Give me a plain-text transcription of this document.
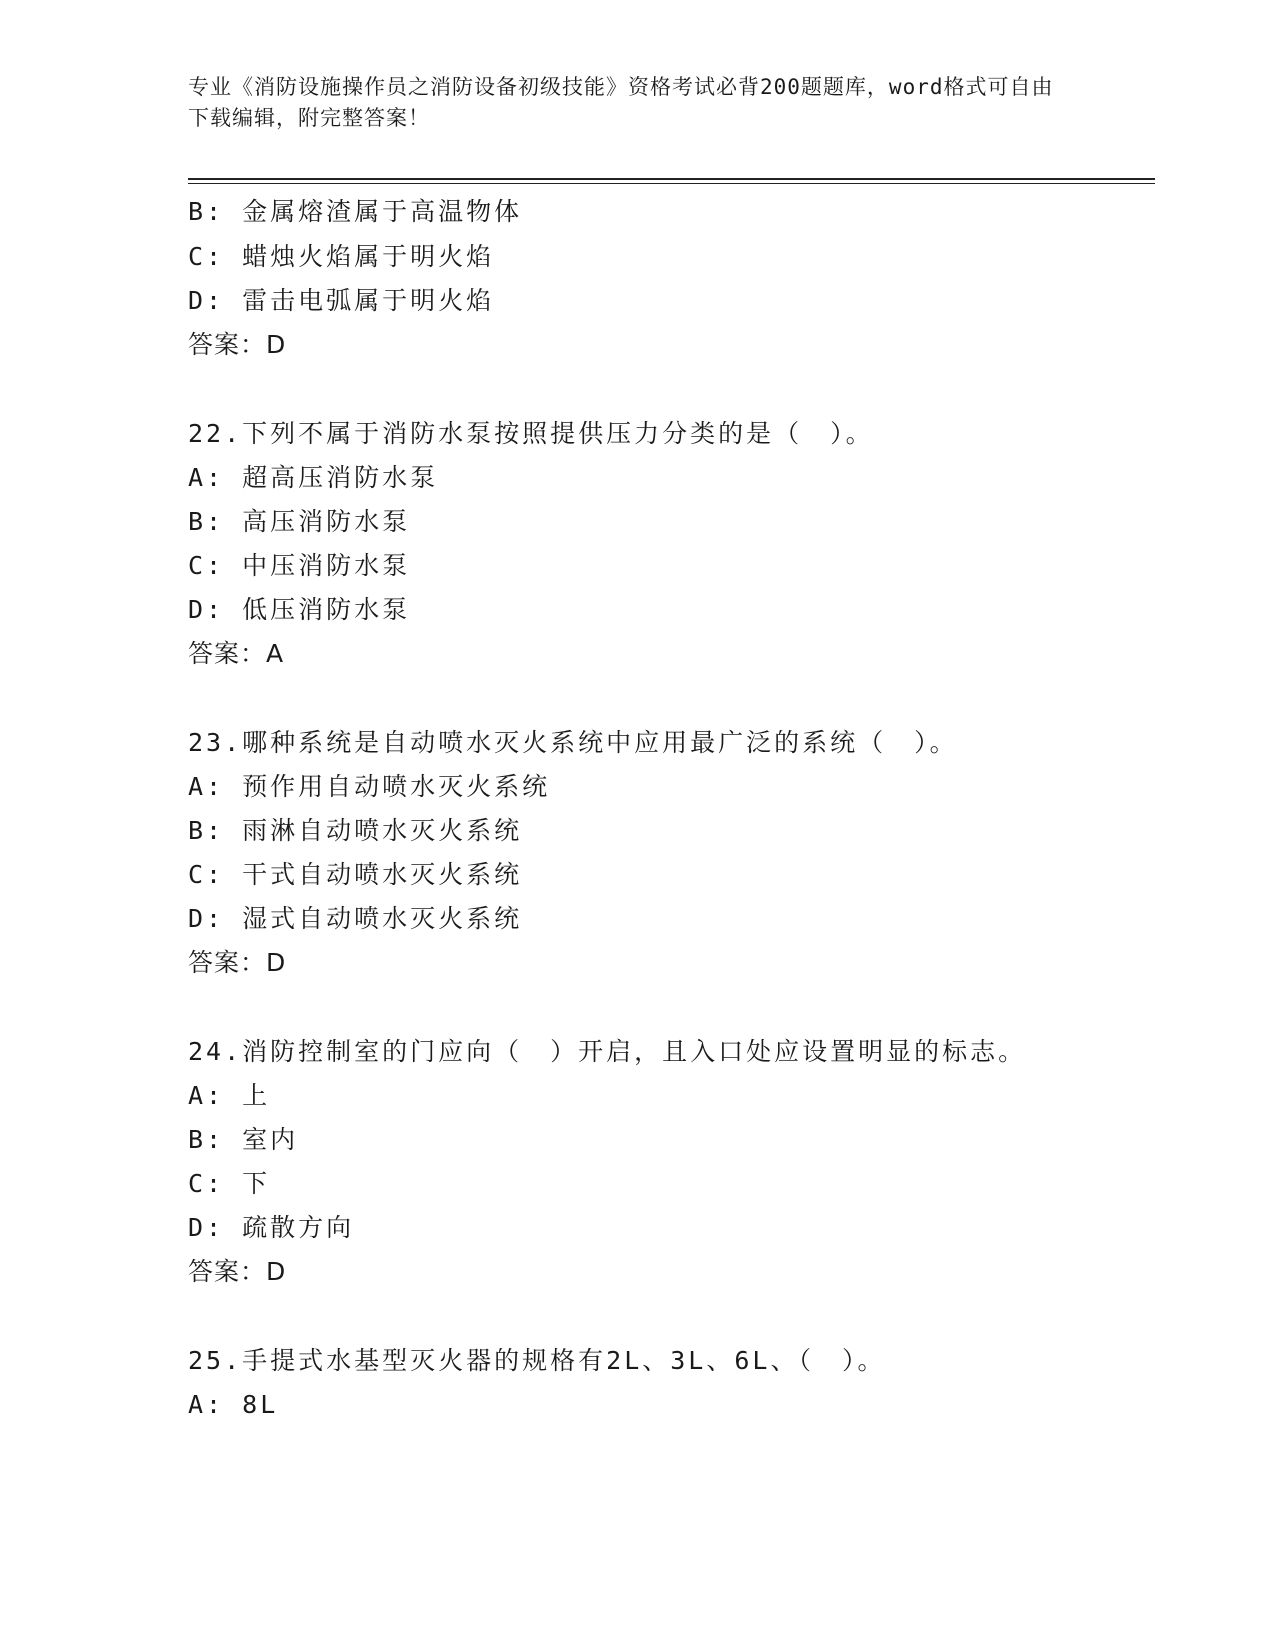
专业《消防设施操作员之消防设备初级技能》资格考试必背200题题库，word格式可自由下载编辑，附完整答案！
B: 金属熔渣属于高温物体
C: 蜡烛火焰属于明火焰
D: 雷击电弧属于明火焰
答案：D
22.下列不属于消防水泵按照提供压力分类的是（　）。
A: 超高压消防水泵
B: 高压消防水泵
C: 中压消防水泵
D: 低压消防水泵
答案：A
23.哪种系统是自动喷水灭火系统中应用最广泛的系统（　）。
A: 预作用自动喷水灭火系统
B: 雨淋自动喷水灭火系统
C: 干式自动喷水灭火系统
D: 湿式自动喷水灭火系统
答案：D
24.消防控制室的门应向（　）开启，且入口处应设置明显的标志。
A: 上
B: 室内
C: 下
D: 疏散方向
答案：D
25.手提式水基型灭火器的规格有2L、3L、6L、（　）。
A: 8L
